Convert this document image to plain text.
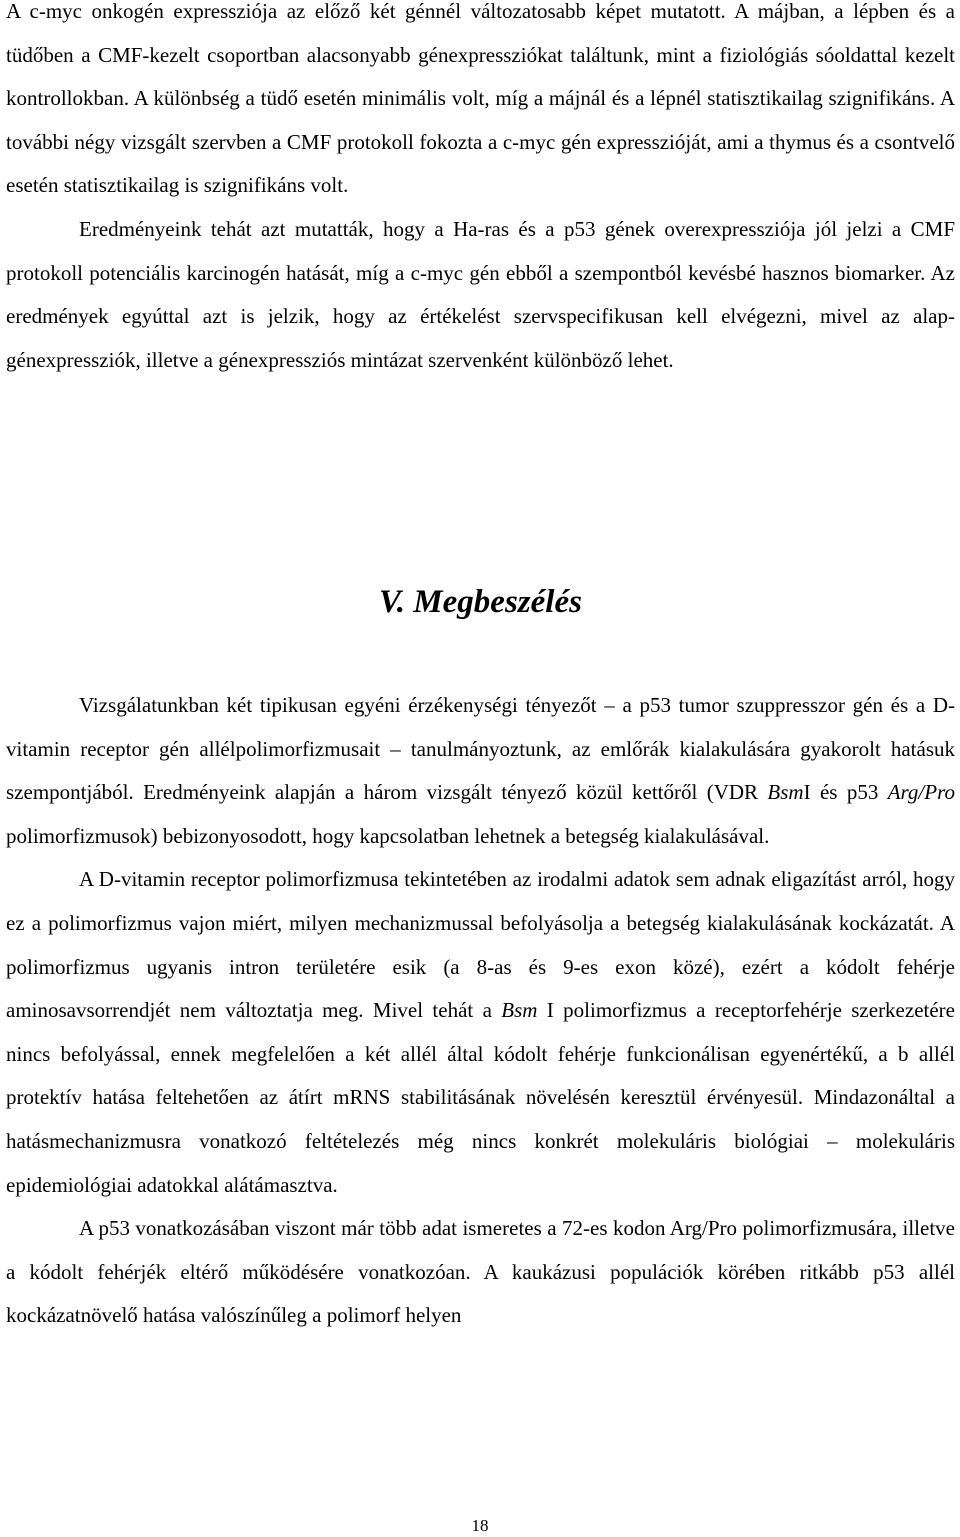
A c-myc onkogén expressziója az előző két génnél változatosabb képet mutatott. A májban, a lépben és a tüdőben a CMF-kezelt csoportban alacsonyabb génexpressziókat találtunk, mint a fiziológiás sóoldattal kezelt kontrollokban. A különbség a tüdő esetén minimális volt, míg a májnál és a lépnél statisztikailag szignifikáns. A további négy vizsgált szervben a CMF protokoll fokozta a c-myc gén expresszióját, ami a thymus és a csontvelő esetén statisztikailag is szignifikáns volt.

Eredményeink tehát azt mutatták, hogy a Ha-ras és a p53 gének overexpressziója jól jelzi a CMF protokoll potenciális karcinogén hatását, míg a c-myc gén ebből a szempontból kevésbé hasznos biomarker. Az eredmények egyúttal azt is jelzik, hogy az értékelést szervspecifikusan kell elvégezni, mivel az alap-génexpressziók, illetve a génexpressziós mintázat szervenként különböző lehet.

V. Megbeszélés

Vizsgálatunkban két tipikusan egyéni érzékenységi tényezőt – a p53 tumor szuppresszor gén és a D-vitamin receptor gén allélpolimorfizmusait – tanulmányoztunk, az emlőrák kialakulására gyakorolt hatásuk szempontjából. Eredményeink alapján a három vizsgált tényező közül kettőről (VDR BsmI és p53 Arg/Pro polimorfizmusok) bebizonyosodott, hogy kapcsolatban lehetnek a betegség kialakulásával.

A D-vitamin receptor polimorfizmusa tekintetében az irodalmi adatok sem adnak eligazítást arról, hogy ez a polimorfizmus vajon miért, milyen mechanizmussal befolyásolja a betegség kialakulásának kockázatát. A polimorfizmus ugyanis intron területére esik (a 8-as és 9-es exon közé), ezért a kódolt fehérje aminosavsorrendjét nem változtatja meg. Mivel tehát a Bsm I polimorfizmus a receptorfehérje szerkezetére nincs befolyással, ennek megfelelően a két allél által kódolt fehérje funkcionálisan egyenértékű, a b allél protektív hatása feltehetően az átírt mRNS stabilitásának növelésén keresztül érvényesül. Mindazonáltal a hatásmechanizmusra vonatkozó feltételezés még nincs konkrét molekuláris biológiai – molekuláris epidemiológiai adatokkal alátámasztva.

A p53 vonatkozásában viszont már több adat ismeretes a 72-es kodon Arg/Pro polimorfizmusára, illetve a kódolt fehérjék eltérő működésére vonatkozóan. A kaukázusi populációk körében ritkább p53 allél kockázatnövelő hatása valószínűleg a polimorf helyen

18
